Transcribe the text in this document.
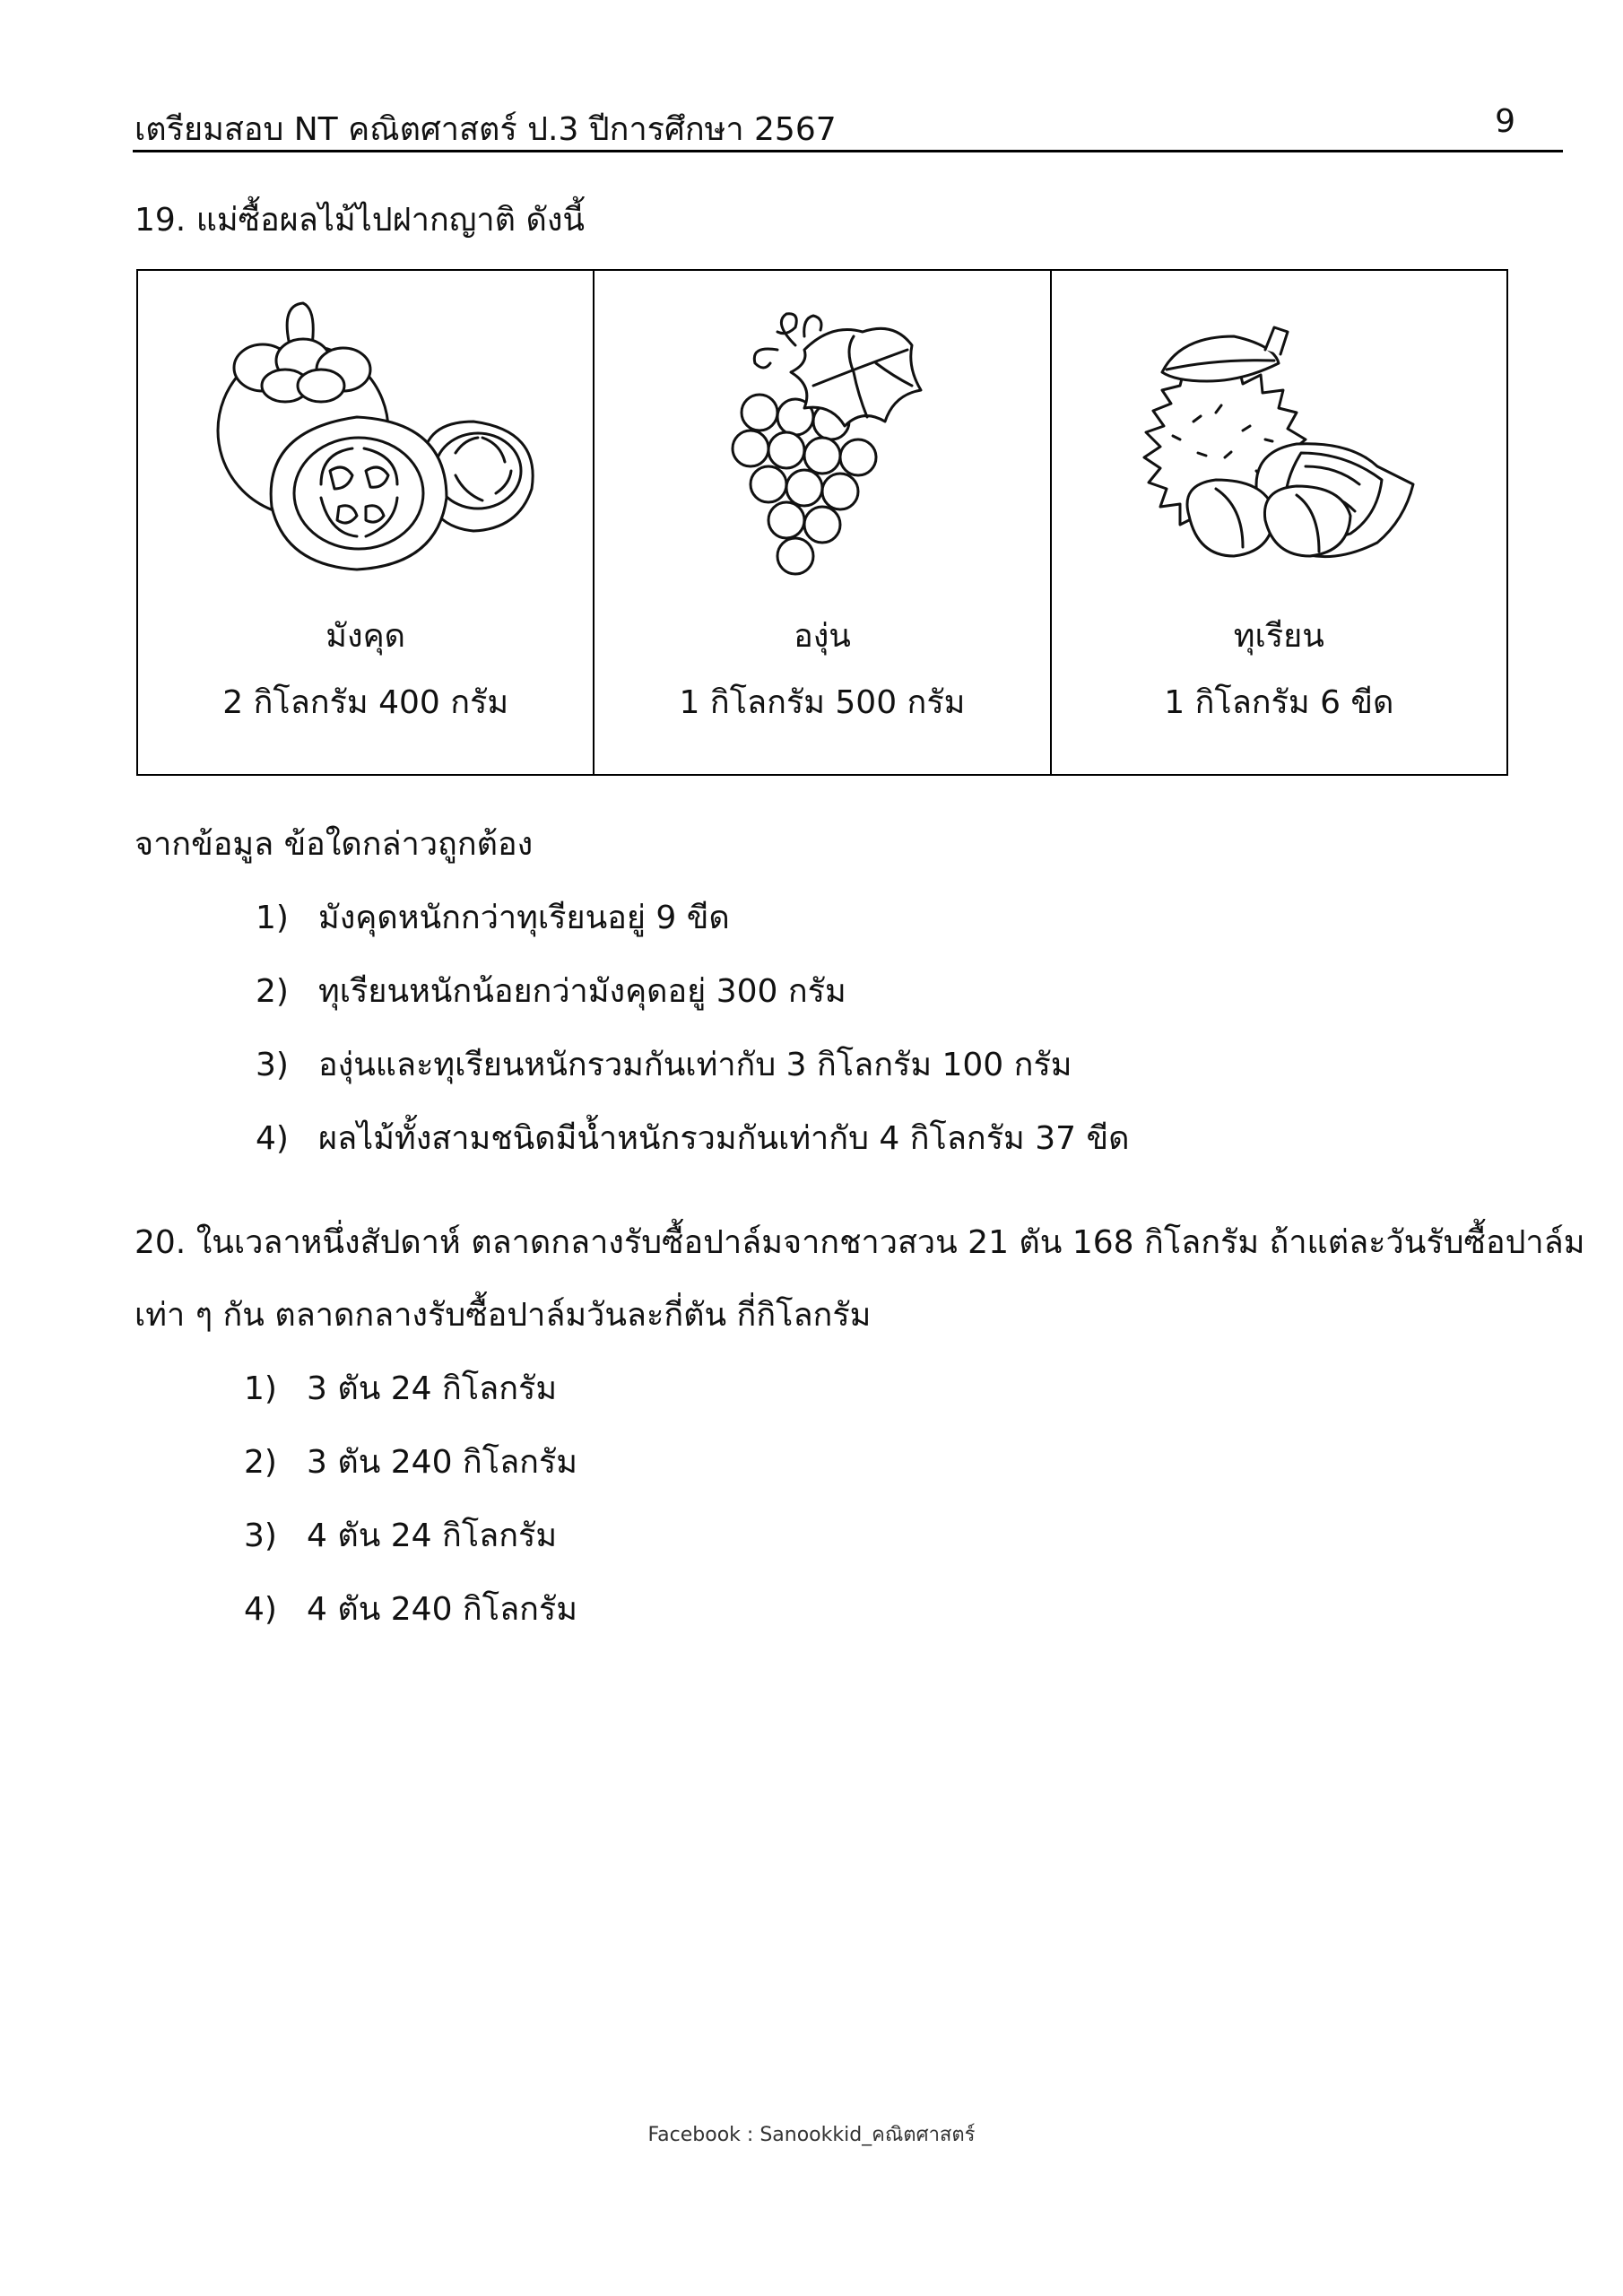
เตรียมสอบ NT คณิตศาสตร์ ป.3 ปีการศึกษา 2567	9
19. แม่ซื้อผลไม้ไปฝากญาติ ดังนี้
มังคุด
2 กิโลกรัม 400 กรัม
องุ่น
1 กิโลกรัม 500 กรัม
ทุเรียน
1 กิโลกรัม 6 ขีด
จากข้อมูล ข้อใดกล่าวถูกต้อง
1) มังคุดหนักกว่าทุเรียนอยู่ 9 ขีด
2) ทุเรียนหนักน้อยกว่ามังคุดอยู่ 300 กรัม
3) องุ่นและทุเรียนหนักรวมกันเท่ากับ 3 กิโลกรัม 100 กรัม
4) ผลไม้ทั้งสามชนิดมีน้ำหนักรวมกันเท่ากับ 4 กิโลกรัม 37 ขีด
20. ในเวลาหนึ่งสัปดาห์ ตลาดกลางรับซื้อปาล์มจากชาวสวน 21 ตัน 168 กิโลกรัม ถ้าแต่ละวันรับซื้อปาล์ม
เท่า ๆ กัน ตลาดกลางรับซื้อปาล์มวันละกี่ตัน กี่กิโลกรัม
1) 3 ตัน 24 กิโลกรัม
2) 3 ตัน 240 กิโลกรัม
3) 4 ตัน 24 กิโลกรัม
4) 4 ตัน 240 กิโลกรัม
Facebook : Sanookkid_คณิตศาสตร์
